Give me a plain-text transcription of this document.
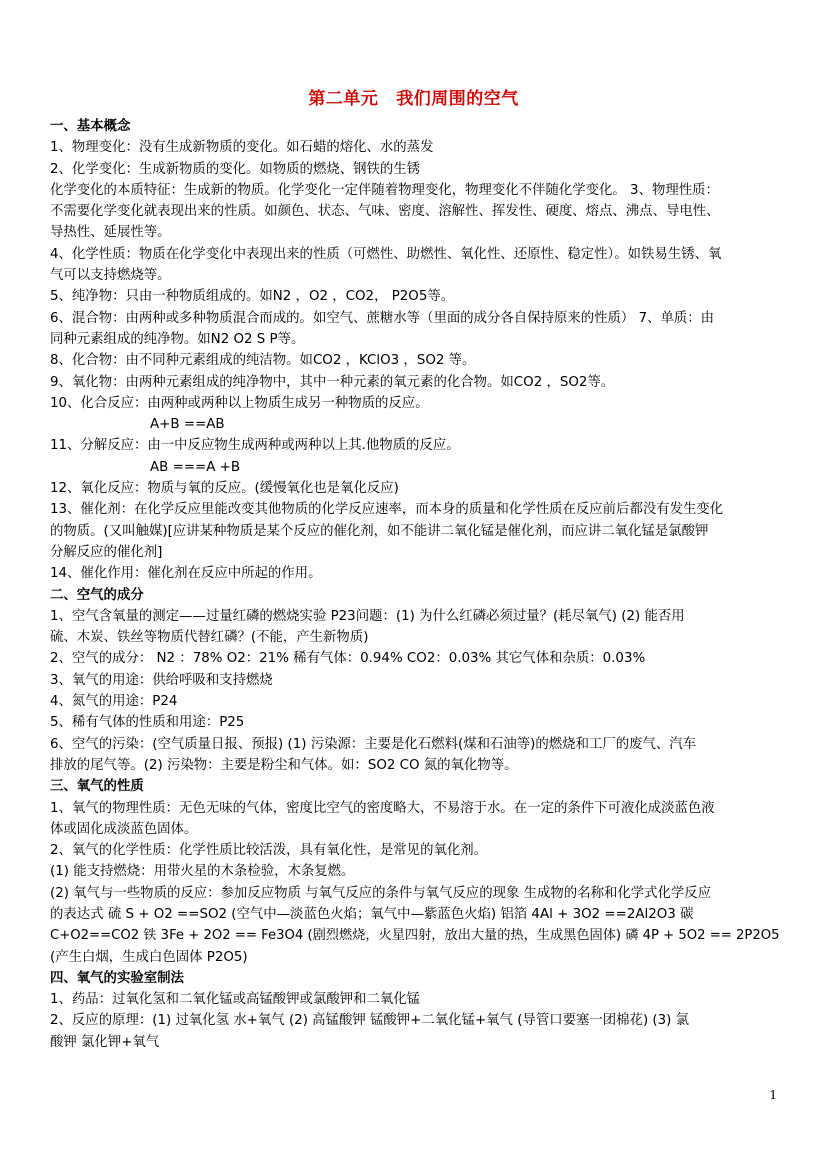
第二单元 我们周围的空气
一、基本概念
1、物理变化：没有生成新物质的变化。如石蜡的熔化、水的蒸发
2、化学变化：生成新物质的变化。如物质的燃烧、钢铁的生锈
化学变化的本质特征：生成新的物质。化学变化一定伴随着物理变化，物理变化不伴随化学变化。 3、物理性质：
不需要化学变化就表现出来的性质。如颜色、状态、气味、密度、溶解性、挥发性、硬度、熔点、沸点、导电性、
导热性、延展性等。
4、化学性质：物质在化学变化中表现出来的性质（可燃性、助燃性、氧化性、还原性、稳定性）。如铁易生锈、氧
气可以支持燃烧等。
5、纯净物：只由一种物质组成的。如N2 ，O2 ，CO2， P2O5等。
6、混合物：由两种或多种物质混合而成的。如空气、蔗糖水等（里面的成分各自保持原来的性质） 7、单质：由
同种元素组成的纯净物。如N2 O2 S P等。
8、化合物：由不同种元素组成的纯洁物。如CO2 ，KClO3 ，SO2 等。
9、氧化物：由两种元素组成的纯净物中，其中一种元素的氧元素的化合物。如CO2 ，SO2等。
10、化合反应：由两种或两种以上物质生成另一种物质的反应。
A+B ==AB
11、分解反应：由一中反应物生成两种或两种以上其.他物质的反应。
AB ===A +B
12、氧化反应：物质与氧的反应。(缓慢氧化也是氧化反应)
13、催化剂：在化学反应里能改变其他物质的化学反应速率，而本身的质量和化学性质在反应前后都没有发生变化
的物质。(又叫触媒)[应讲某种物质是某个反应的催化剂，如不能讲二氧化锰是催化剂，而应讲二氧化锰是氯酸钾
分解反应的催化剂]
14、催化作用：催化剂在反应中所起的作用。
二、空气的成分
1、空气含氧量的测定——过量红磷的燃烧实验 P23问题：(1) 为什么红磷必须过量？(耗尽氧气) (2) 能否用
硫、木炭、铁丝等物质代替红磷？(不能，产生新物质)
2、空气的成分： N2 ：78% O2：21% 稀有气体：0.94% CO2：0.03% 其它气体和杂质：0.03%
3、氧气的用途：供给呼吸和支持燃烧
4、氮气的用途：P24
5、稀有气体的性质和用途：P25
6、空气的污染：(空气质量日报、预报) (1) 污染源：主要是化石燃料(煤和石油等)的燃烧和工厂的废气、汽车
排放的尾气等。(2) 污染物：主要是粉尘和气体。如：SO2 CO 氮的氧化物等。
三、氧气的性质
1、氧气的物理性质：无色无味的气体，密度比空气的密度略大，不易溶于水。在一定的条件下可液化成淡蓝色液
体或固化成淡蓝色固体。
2、氧气的化学性质：化学性质比较活泼，具有氧化性，是常见的氧化剂。
(1) 能支持燃烧：用带火星的木条检验，木条复燃。
(2) 氧气与一些物质的反应：参加反应物质 与氧气反应的条件与氧气反应的现象 生成物的名称和化学式化学反应
的表达式 硫 S + O2 ==SO2 (空气中—淡蓝色火焰；氧气中—紫蓝色火焰) 铝箔 4Al + 3O2 ==2Al2O3 碳
C+O2==CO2 铁 3Fe + 2O2 == Fe3O4 (剧烈燃烧，火星四射，放出大量的热，生成黑色固体) 磷 4P + 5O2 == 2P2O5
(产生白烟，生成白色固体 P2O5)
四、氧气的实验室制法
1、药品：过氧化氢和二氧化锰或高锰酸钾或氯酸钾和二氧化锰
2、反应的原理：(1) 过氧化氢 水+氧气 (2) 高锰酸钾 锰酸钾+二氧化锰+氧气 (导管口要塞一团棉花) (3) 氯
酸钾 氯化钾+氧气
1
